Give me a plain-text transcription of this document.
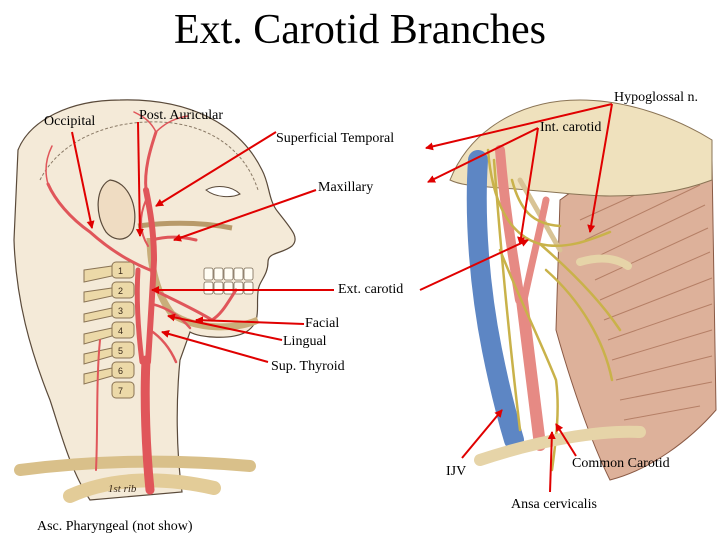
Ext. Carotid Branches
1
2
3
4
5
6
7
1st rib
Occipital	Post. Auricular
Superficial Temporal
Maxillary
Ext. carotid
Facial
Lingual
Sup. Thyroid
Hypoglossal n.
Int. carotid
IJV
Common Carotid
Ansa cervicalis
Asc. Pharyngeal (not show)
